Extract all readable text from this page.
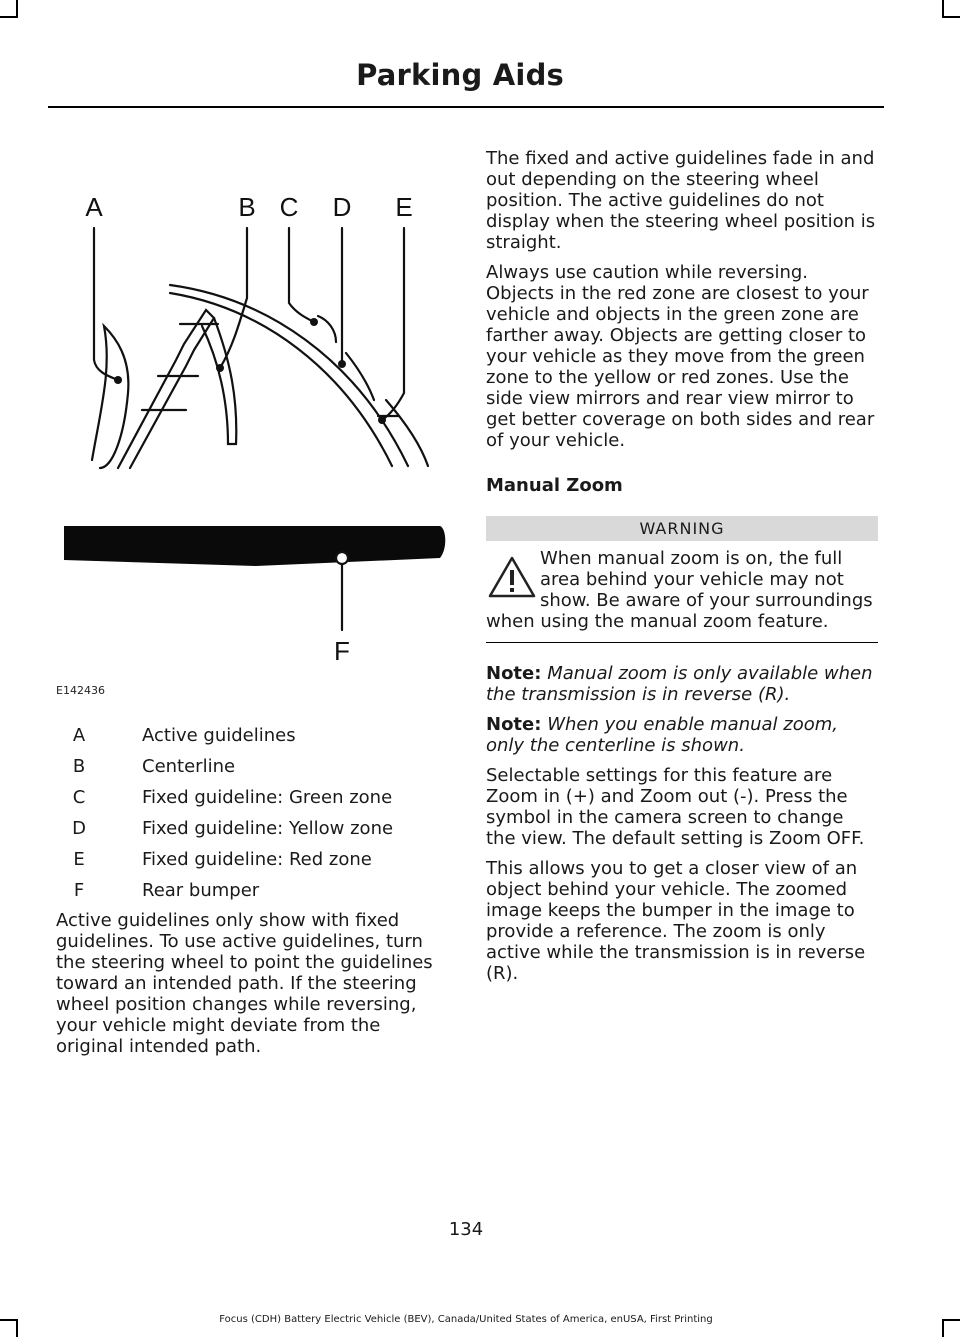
Parking Aids
A	B C D E
F
E142436
A	Active guidelines
B	Centerline
C	Fixed guideline: Green zone
D	Fixed guideline: Yellow zone
E	Fixed guideline: Red zone
F	Rear bumper

Active guidelines only show with fixed guidelines. To use active guidelines, turn the steering wheel to point the guidelines toward an intended path. If the steering wheel position changes while reversing, your vehicle might deviate from the original intended path.

The fixed and active guidelines fade in and out depending on the steering wheel position. The active guidelines do not display when the steering wheel position is straight.

Always use caution while reversing. Objects in the red zone are closest to your vehicle and objects in the green zone are farther away. Objects are getting closer to your vehicle as they move from the green zone to the yellow or red zones. Use the side view mirrors and rear view mirror to get better coverage on both sides and rear of your vehicle.

Manual Zoom
WARNING
When manual zoom is on, the full area behind your vehicle may not show. Be aware of your surroundings when using the manual zoom feature.

Note: Manual zoom is only available when the transmission is in reverse (R).

Note: When you enable manual zoom, only the centerline is shown.

Selectable settings for this feature are Zoom in (+) and Zoom out (-). Press the symbol in the camera screen to change the view. The default setting is Zoom OFF.

This allows you to get a closer view of an object behind your vehicle. The zoomed image keeps the bumper in the image to provide a reference. The zoom is only active while the transmission is in reverse (R).

134
Focus (CDH) Battery Electric Vehicle (BEV), Canada/United States of America, enUSA, First Printing
